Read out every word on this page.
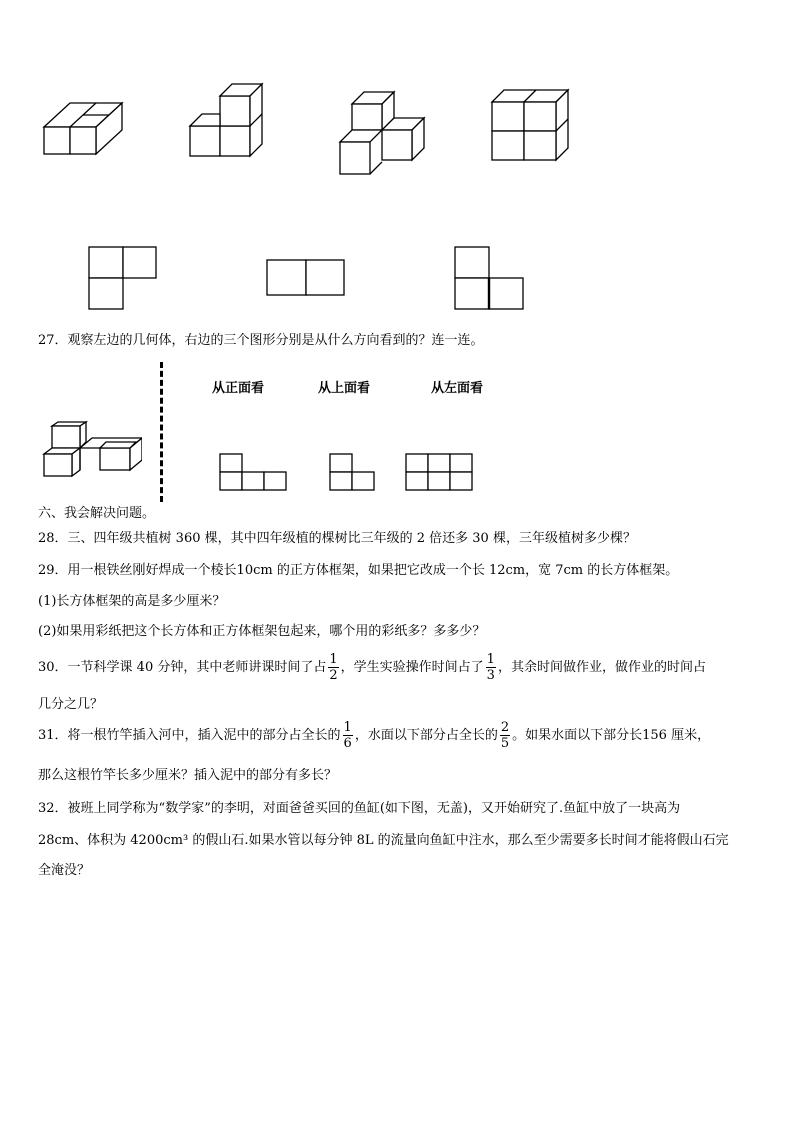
27．观察左边的几何体，右边的三个图形分别是从什么方向看到的？连一连。
从正面看	从上面看	从左面看
六、我会解决问题。
28．三、四年级共植树 360 棵，其中四年级植的棵树比三年级的 2 倍还多 30 棵，三年级植树多少棵？
29．用一根铁丝刚好焊成一个棱长10cm 的正方体框架，如果把它改成一个长 12cm，宽 7cm 的长方体框架。
(1)长方体框架的高是多少厘米？
(2)如果用彩纸把这个长方体和正方体框架包起来，哪个用的彩纸多？多多少？
30．一节科学课 40 分钟，其中老师讲课时间了占 $\frac{1}{2}$ ，学生实验操作时间占了 $\frac{1}{3}$ ，其余时间做作业，做作业的时间占
几分之几？
31．将一根竹竿插入河中，插入泥中的部分占全长的 $\frac{1}{6}$ ，水面以下部分占全长的 $\frac{2}{5}$ 。如果水面以下部分长156 厘米，
那么这根竹竿长多少厘米？插入泥中的部分有多长？
32．被班上同学称为“数学家”的李明，对面爸爸买回的鱼缸(如下图，无盖)，又开始研究了.鱼缸中放了一块高为
28cm、体积为 4200cm³ 的假山石.如果水管以每分钟 8L 的流量向鱼缸中注水，那么至少需要多长时间才能将假山石完
全淹没？
